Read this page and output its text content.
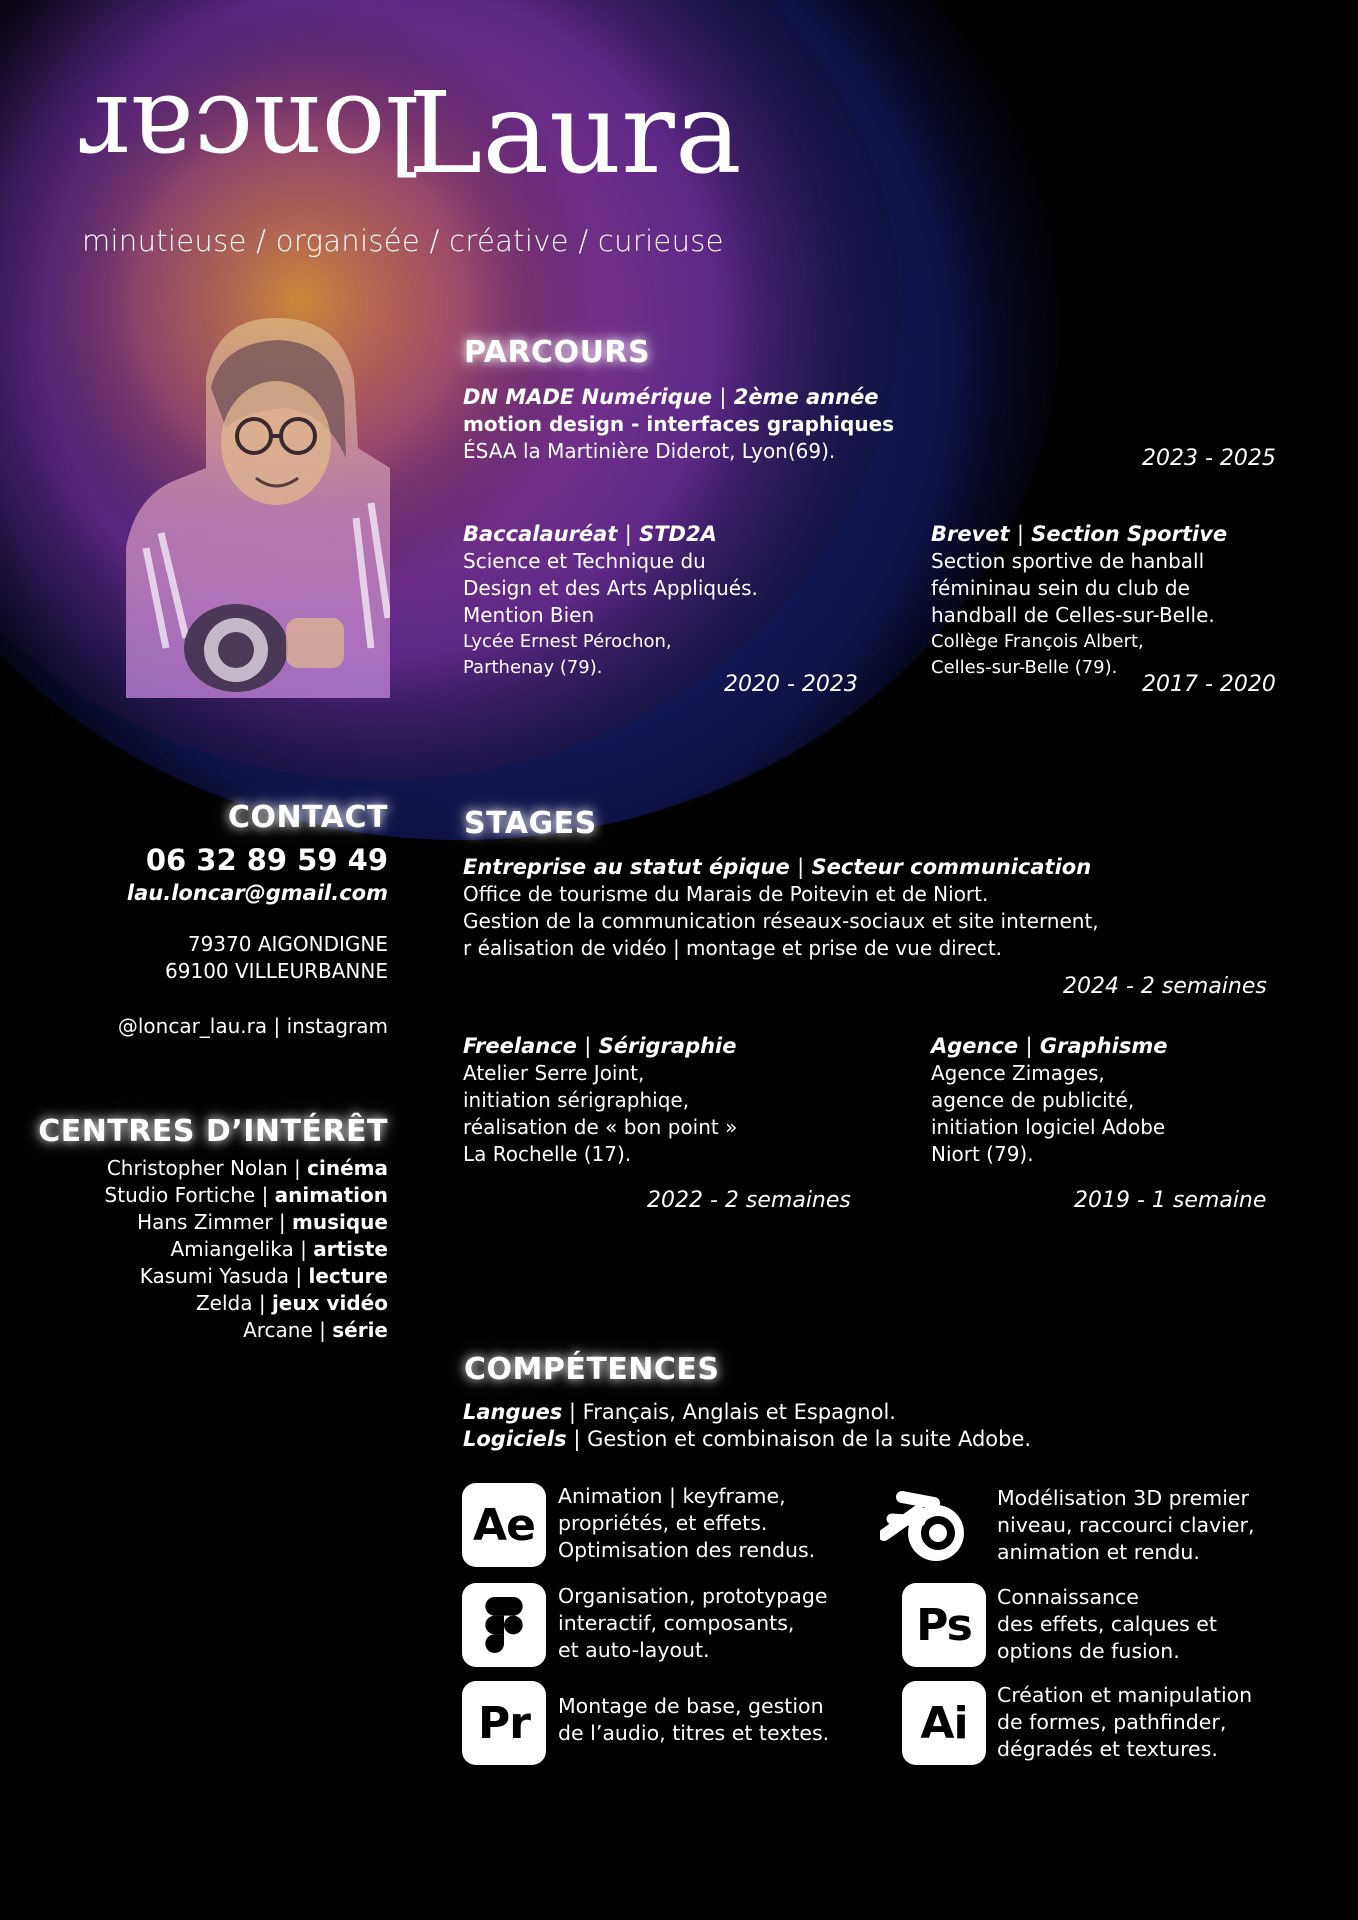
loncar
Laura
minutieuse / organisée / créative / curieuse
PARCOURS
DN MADE Numérique | 2ème année
motion design - interfaces graphiques
ÉSAA la Martinière Diderot, Lyon(69).	2023 - 2025
Baccalauréat | STD2A
Science et Technique du
Design et des Arts Appliqués.
Mention Bien
Lycée Ernest Pérochon,
Parthenay (79).
2020 - 2023
Brevet | Section Sportive
Section sportive de hanball
fémininau sein du club de
handball de Celles-sur-Belle.
Collège François Albert,
Celles-sur-Belle (79).
2017 - 2020
CONTACT
06 32 89 59 49
lau.loncar@gmail.com
79370 AIGONDIGNE
69100 VILLEURBANNE
@loncar_lau.ra | instagram
STAGES
Entreprise au statut épique | Secteur communication
Office de tourisme du Marais de Poitevin et de Niort.
Gestion de la communication réseaux-sociaux et site internent,
r éalisation de vidéo | montage et prise de vue direct.
2024 - 2 semaines
Freelance | Sérigraphie
Atelier Serre Joint,
initiation sérigraphiqe,
réalisation de « bon point »
La Rochelle (17).
2022 - 2 semaines
Agence | Graphisme
Agence Zimages,
agence de publicité,
initiation logiciel Adobe
Niort (79).
2019 - 1 semaine
CENTRES D’INTÉRÊT
Christopher Nolan | cinéma
Studio Fortiche | animation
Hans Zimmer | musique
Amiangelika | artiste
Kasumi Yasuda | lecture
Zelda | jeux vidéo
Arcane | série
COMPÉTENCES
Langues | Français, Anglais et Espagnol.
Logiciels | Gestion et combinaison de la suite Adobe.
Ae
Animation | keyframe,
propriétés, et effets.
Optimisation des rendus.
Organisation, prototypage
interactif, composants,
et auto-layout.
Pr	Montage de base, gestion
de l’audio, titres et textes.
Modélisation 3D premier
niveau, raccourci clavier,
animation et rendu.
Ps
Connaissance
des effets, calques et
options de fusion.
Ai
Création et manipulation
de formes, pathfinder,
dégradés et textures.
